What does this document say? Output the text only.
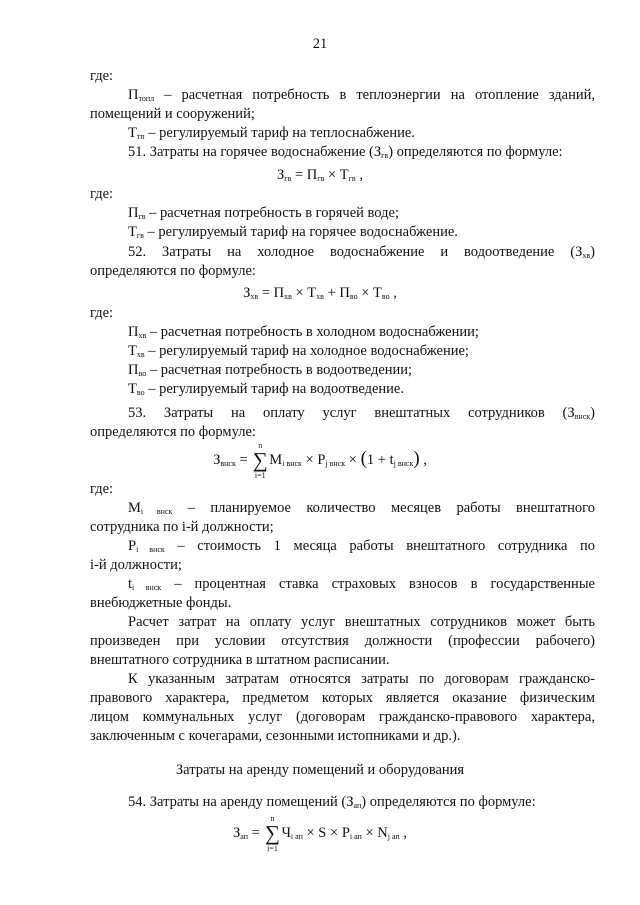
21
где:
$П_{топл}$ – расчетная потребность в теплоэнергии на отопление зданий,
помещений и сооружений;
$Т_{тп}$ – регулируемый тариф на теплоснабжение.
51. Затраты на горячее водоснабжение $(З_{гв})$ определяются по формуле:
$З_{гв} = П_{гв} \times Т_{гв}$ ,
где:
$П_{гв}$ – расчетная потребность в горячей воде;
$Т_{гв}$ – регулируемый тариф на горячее водоснабжение.
52. Затраты на холодное водоснабжение и водоотведение $(З_{хв})$
определяются по формуле:
$З_{хв} = П_{хв} \times Т_{хв} + П_{во} \times Т_{во}$ ,
где:
$П_{хв}$ – расчетная потребность в холодном водоснабжении;
$Т_{хв}$ – регулируемый тариф на холодное водоснабжение;
$П_{во}$ – расчетная потребность в водоотведении;
$Т_{во}$ – регулируемый тариф на водоотведение.
53. Затраты на оплату услуг внештатных сотрудников $(З_{внск})$
определяются по формуле:
$З_{внск}$ =
n
∑
i=1
$M_{i внск} \times P_{j внск} \times (1 + t_{j внск})$ ,
где:
$M_{i внск}$ – планируемое количество месяцев работы внештатного
сотрудника по i-й должности;
$P_{i внск}$ – стоимость 1 месяца работы внештатного сотрудника по
i-й должности;
$t_{i внск}$ – процентная ставка страховых взносов в государственные
внебюджетные фонды.
Расчет затрат на оплату услуг внештатных сотрудников может быть
произведен при условии отсутствия должности (профессии рабочего)
внештатного сотрудника в штатном расписании.
К указанным затратам относятся затраты по договорам гражданско-
правового характера, предметом которых является оказание физическим
лицом коммунальных услуг (договорам гражданско-правового характера,
заключенным с кочегарами, сезонными истопниками и др.).
Затраты на аренду помещений и оборудования
54. Затраты на аренду помещений $(З_{ап})$ определяются по формуле:
$З_{ап}$ =
n
∑
i=1
$Ч_{i ап} \times S \times P_{i ап} \times N_{j ап}$ ,
